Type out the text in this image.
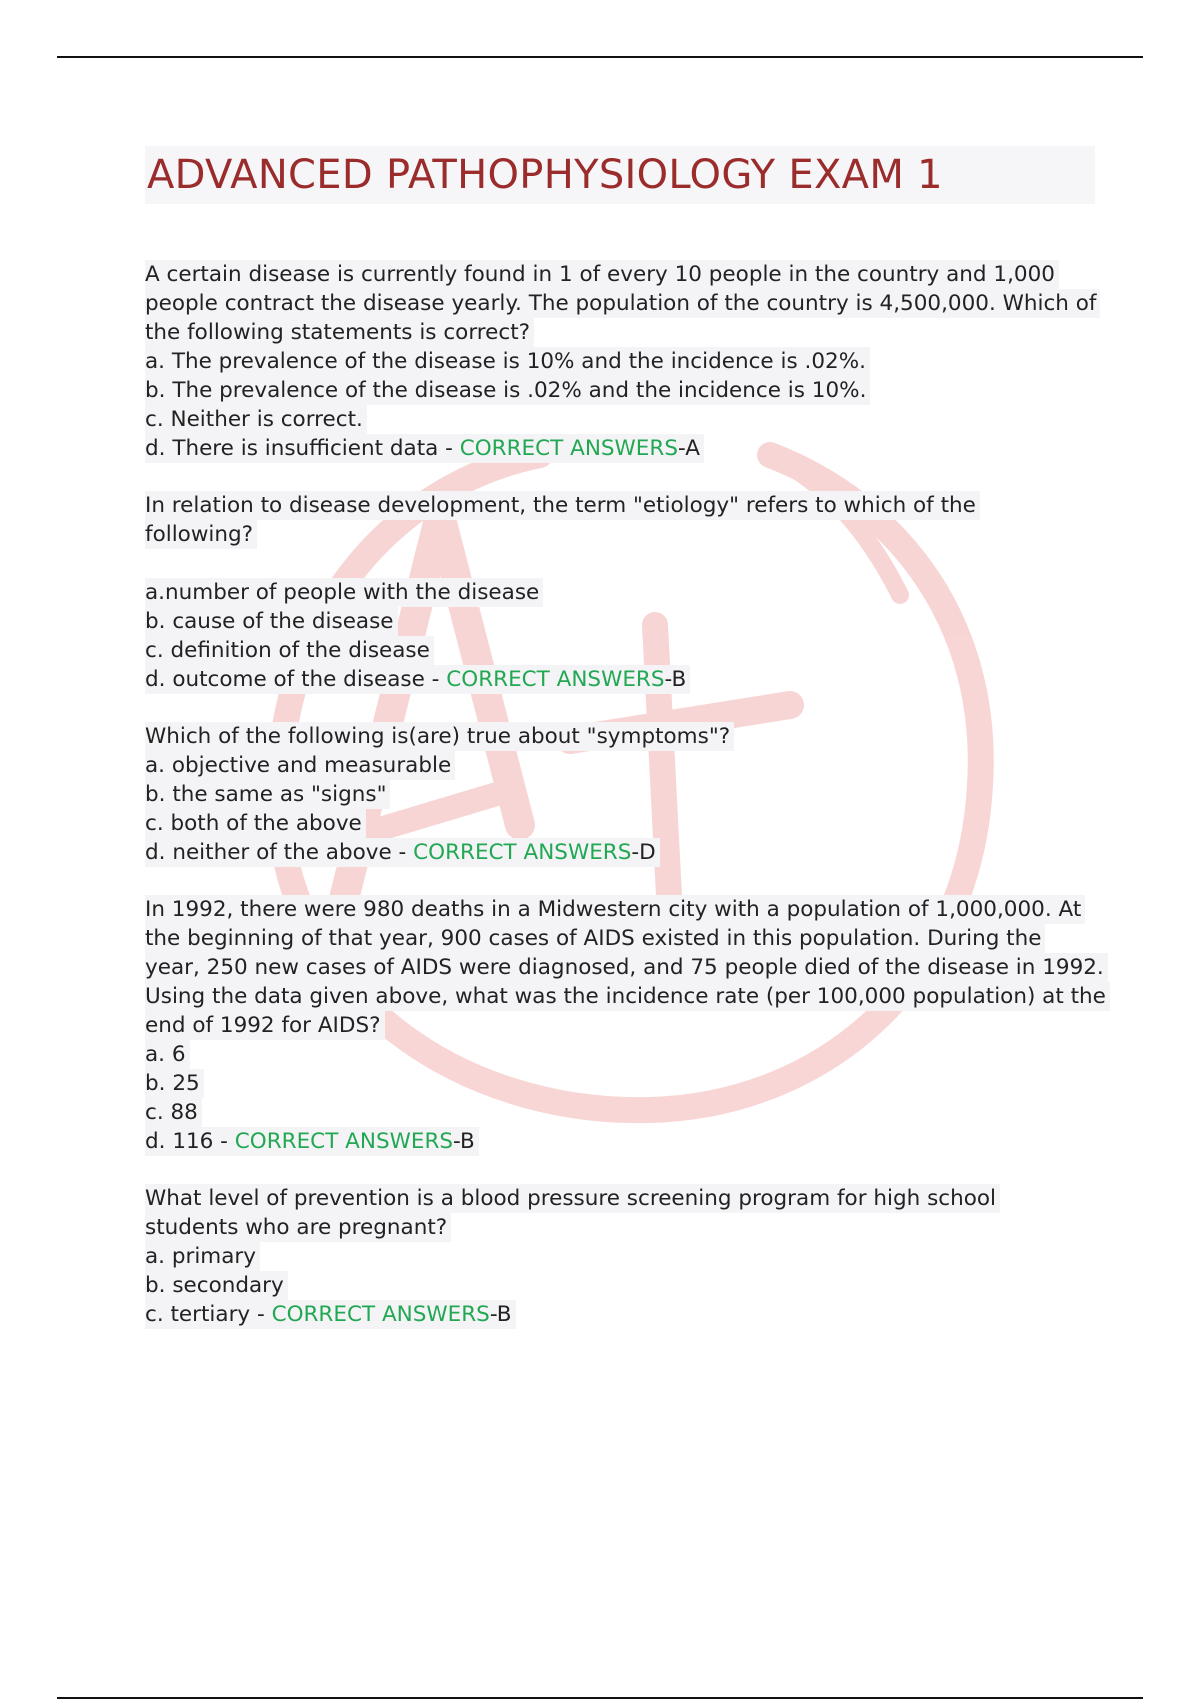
ADVANCED PATHOPHYSIOLOGY EXAM 1
A certain disease is currently found in 1 of every 10 people in the country and 1,000
people contract the disease yearly. The population of the country is 4,500,000. Which of
the following statements is correct?
a. The prevalence of the disease is 10% and the incidence is .02%.
b. The prevalence of the disease is .02% and the incidence is 10%.
c. Neither is correct.
d. There is insufficient data - CORRECT ANSWERS-A
In relation to disease development, the term "etiology" refers to which of the
following?
a.number of people with the disease
b. cause of the disease
c. definition of the disease
d. outcome of the disease - CORRECT ANSWERS-B
Which of the following is(are) true about "symptoms"?
a. objective and measurable
b. the same as "signs"
c. both of the above
d. neither of the above - CORRECT ANSWERS-D
In 1992, there were 980 deaths in a Midwestern city with a population of 1,000,000. At
the beginning of that year, 900 cases of AIDS existed in this population. During the
year, 250 new cases of AIDS were diagnosed, and 75 people died of the disease in 1992.
Using the data given above, what was the incidence rate (per 100,000 population) at the
end of 1992 for AIDS?
a. 6
b. 25
c. 88
d. 116 - CORRECT ANSWERS-B
What level of prevention is a blood pressure screening program for high school
students who are pregnant?
a. primary
b. secondary
c. tertiary - CORRECT ANSWERS-B
